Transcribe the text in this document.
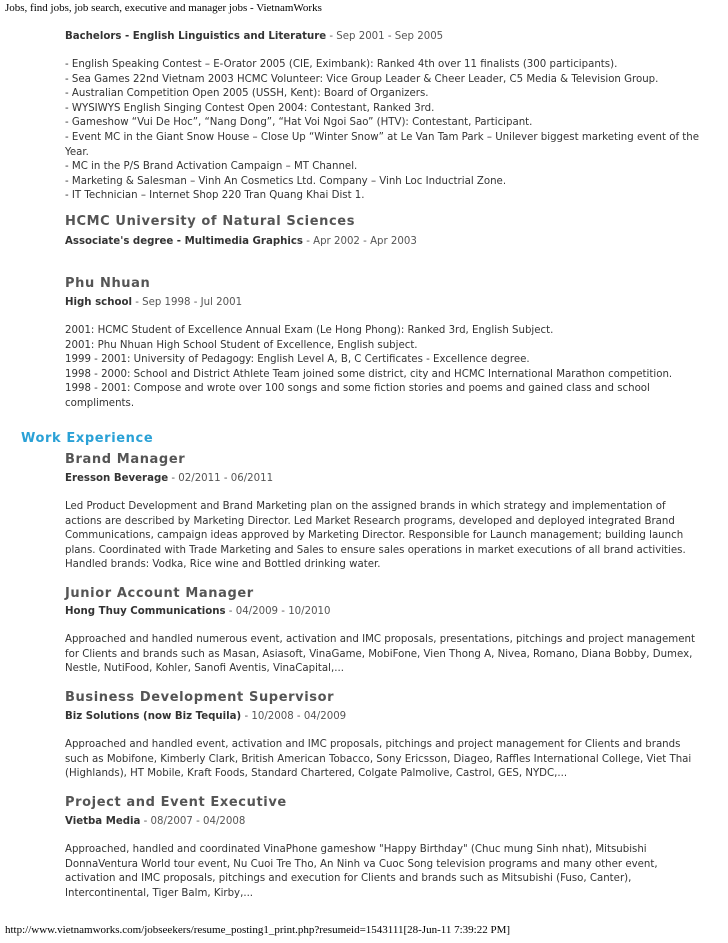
Jobs, find jobs, job search, executive and manager jobs - VietnamWorks
Bachelors - English Linguistics and Literature - Sep 2001 - Sep 2005
- English Speaking Contest – E-Orator 2005 (CIE, Eximbank): Ranked 4th over 11 finalists (300 participants).
- Sea Games 22nd Vietnam 2003 HCMC Volunteer: Vice Group Leader & Cheer Leader, C5 Media & Television Group.
- Australian Competition Open 2005 (USSH, Kent): Board of Organizers.
- WYSIWYS English Singing Contest Open 2004: Contestant, Ranked 3rd.
- Gameshow “Vui De Hoc”, “Nang Dong”, “Hat Voi Ngoi Sao” (HTV): Contestant, Participant.
- Event MC in the Giant Snow House – Close Up “Winter Snow” at Le Van Tam Park – Unilever biggest marketing event of the Year.
- MC in the P/S Brand Activation Campaign – MT Channel.
- Marketing & Salesman – Vinh An Cosmetics Ltd. Company – Vinh Loc Inductrial Zone.
- IT Technician – Internet Shop 220 Tran Quang Khai Dist 1.
HCMC University of Natural Sciences
Associate's degree - Multimedia Graphics - Apr 2002 - Apr 2003
Phu Nhuan
High school - Sep 1998 - Jul 2001
2001: HCMC Student of Excellence Annual Exam (Le Hong Phong): Ranked 3rd, English Subject.
2001: Phu Nhuan High School Student of Excellence, English subject.
1999 - 2001: University of Pedagogy: English Level A, B, C Certificates - Excellence degree.
1998 - 2000: School and District Athlete Team joined some district, city and HCMC International Marathon competition.
1998 - 2001: Compose and wrote over 100 songs and some fiction stories and poems and gained class and school compliments.
Brand Manager
Eresson Beverage - 02/2011 - 06/2011
Led Product Development and Brand Marketing plan on the assigned brands in which strategy and implementation of actions are described by Marketing Director. Led Market Research programs, developed and deployed integrated Brand Communications, campaign ideas approved by Marketing Director. Responsible for Launch management; building launch plans. Coordinated with Trade Marketing and Sales to ensure sales operations in market executions of all brand activities. Handled brands: Vodka, Rice wine and Bottled drinking water.
Junior Account Manager
Hong Thuy Communications - 04/2009 - 10/2010
Approached and handled numerous event, activation and IMC proposals, presentations, pitchings and project management for Clients and brands such as Masan, Asiasoft, VinaGame, MobiFone, Vien Thong A, Nivea, Romano, Diana Bobby, Dumex, Nestle, NutiFood, Kohler, Sanofi Aventis, VinaCapital,...
Business Development Supervisor
Biz Solutions (now Biz Tequila) - 10/2008 - 04/2009
Approached and handled event, activation and IMC proposals, pitchings and project management for Clients and brands such as Mobifone, Kimberly Clark, British American Tobacco, Sony Ericsson, Diageo, Raffles International College, Viet Thai (Highlands), HT Mobile, Kraft Foods, Standard Chartered, Colgate Palmolive, Castrol, GES, NYDC,...
Project and Event Executive
Vietba Media - 08/2007 - 04/2008
Approached, handled and coordinated VinaPhone gameshow "Happy Birthday" (Chuc mung Sinh nhat), Mitsubishi DonnaVentura World tour event, Nu Cuoi Tre Tho, An Ninh va Cuoc Song television programs and many other event, activation and IMC proposals, pitchings and execution for Clients and brands such as Mitsubishi (Fuso, Canter), Intercontinental, Tiger Balm, Kirby,...
Work Experience
http://www.vietnamworks.com/jobseekers/resume_posting1_print.php?resumeid=1543111[28-Jun-11 7:39:22 PM]
